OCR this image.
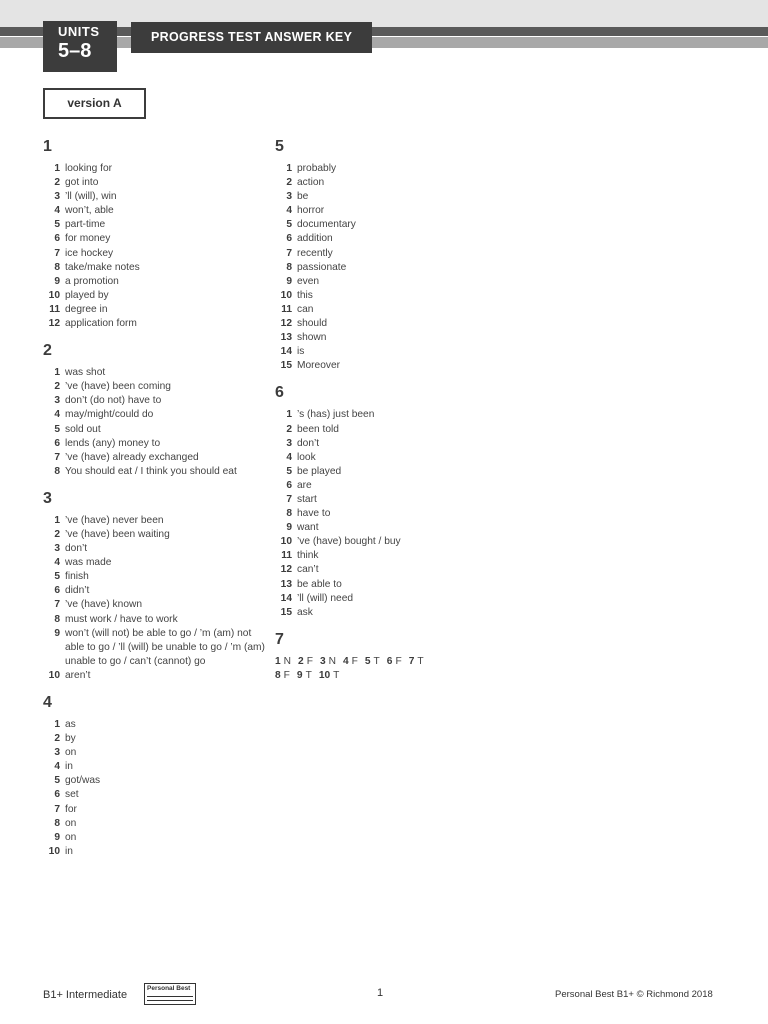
UNITS
5–8
PROGRESS TEST ANSWER KEY
version A
1
1 looking for
2 got into
3 ’ll (will), win
4 won’t, able
5 part-time
6 for money
7 ice hockey
8 take/make notes
9 a promotion
10 played by
11 degree in
12 application form
2
1 was shot
2 ’ve (have) been coming
3 don’t (do not) have to
4 may/might/could do
5 sold out
6 lends (any) money to
7 ’ve (have) already exchanged
8 You should eat / I think you should eat
3
1 ’ve (have) never been
2 ’ve (have) been waiting
3 don’t
4 was made
5 finish
6 didn’t
7 ’ve (have) known
8 must work / have to work
9 won’t (will not) be able to go / ’m (am) not able to go / ’ll (will) be unable to go / ’m (am) unable to go / can’t (cannot) go
10 aren’t
4
1 as
2 by
3 on
4 in
5 got/was
6 set
7 for
8 on
9 on
10 in
5
1 probably
2 action
3 be
4 horror
5 documentary
6 addition
7 recently
8 passionate
9 even
10 this
11 can
12 should
13 shown
14 is
15 Moreover
6
1 ’s (has) just been
2 been told
3 don’t
4 look
5 be played
6 are
7 start
8 have to
9 want
10 ’ve (have) bought / buy
11 think
12 can’t
13 be able to
14 ’ll (will) need
15 ask
7
1 N 2 F 3 N 4 F 5 T 6 F 7 T
8 F 9 T 10 T
B1+ Intermediate
Personal Best	1	Personal Best B1+ © Richmond 2018
